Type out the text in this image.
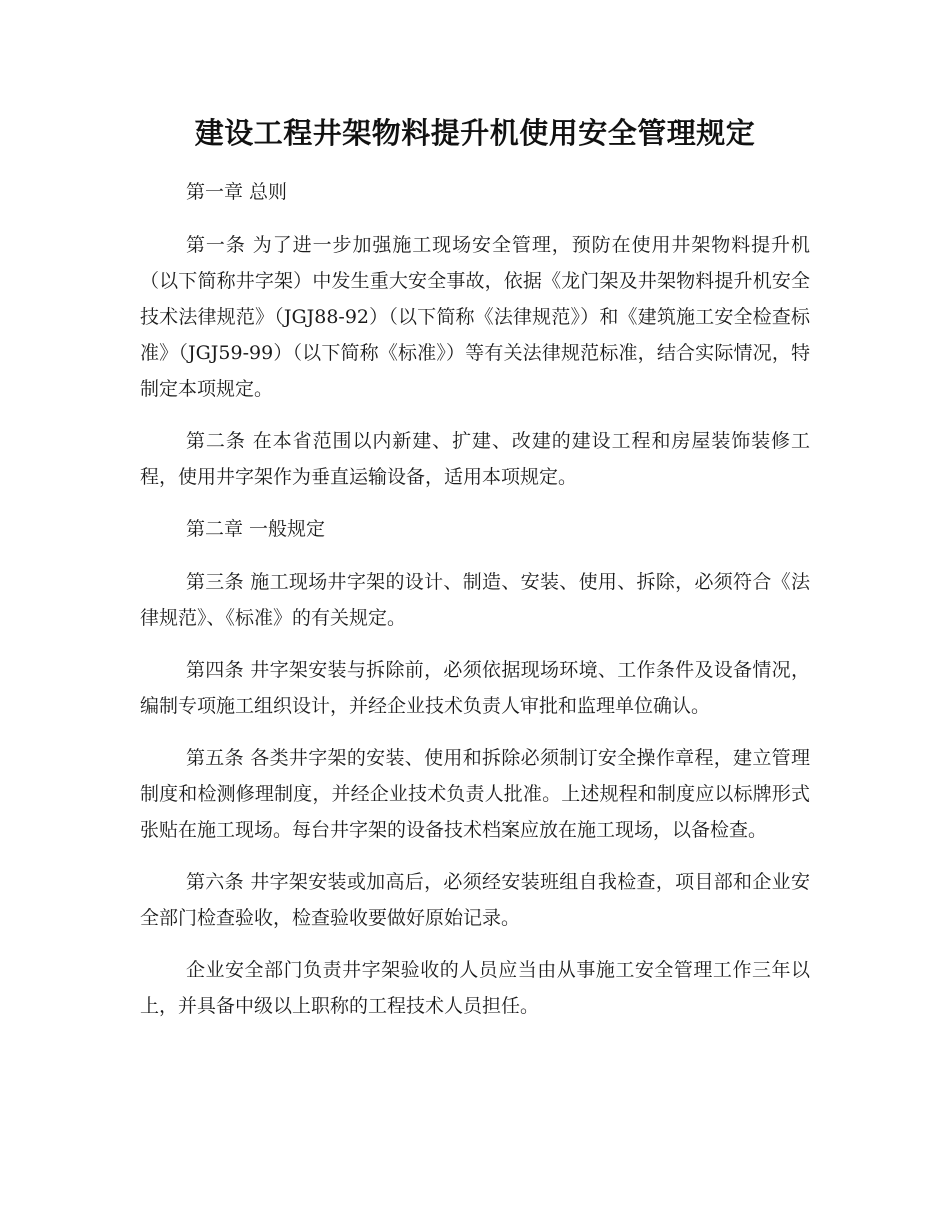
建设工程井架物料提升机使用安全管理规定
第一章 总则
第一条 为了进一步加强施工现场安全管理，预防在使用井架物料提升机（以下简称井字架）中发生重大安全事故，依据《龙门架及井架物料提升机安全技术法律规范》（JGJ88-92）（以下简称《法律规范》）和《建筑施工安全检查标准》（JGJ59-99）（以下简称《标准》）等有关法律规范标准，结合实际情况，特制定本项规定。
第二条 在本省范围以内新建、扩建、改建的建设工程和房屋装饰装修工程，使用井字架作为垂直运输设备，适用本项规定。
第二章 一般规定
第三条 施工现场井字架的设计、制造、安装、使用、拆除，必须符合《法律规范》、《标准》的有关规定。
第四条 井字架安装与拆除前，必须依据现场环境、工作条件及设备情况，编制专项施工组织设计，并经企业技术负责人审批和监理单位确认。
第五条 各类井字架的安装、使用和拆除必须制订安全操作章程，建立管理制度和检测修理制度，并经企业技术负责人批准。上述规程和制度应以标牌形式张贴在施工现场。每台井字架的设备技术档案应放在施工现场，以备检查。
第六条 井字架安装或加高后，必须经安装班组自我检查，项目部和企业安全部门检查验收，检查验收要做好原始记录。
企业安全部门负责井字架验收的人员应当由从事施工安全管理工作三年以上，并具备中级以上职称的工程技术人员担任。
